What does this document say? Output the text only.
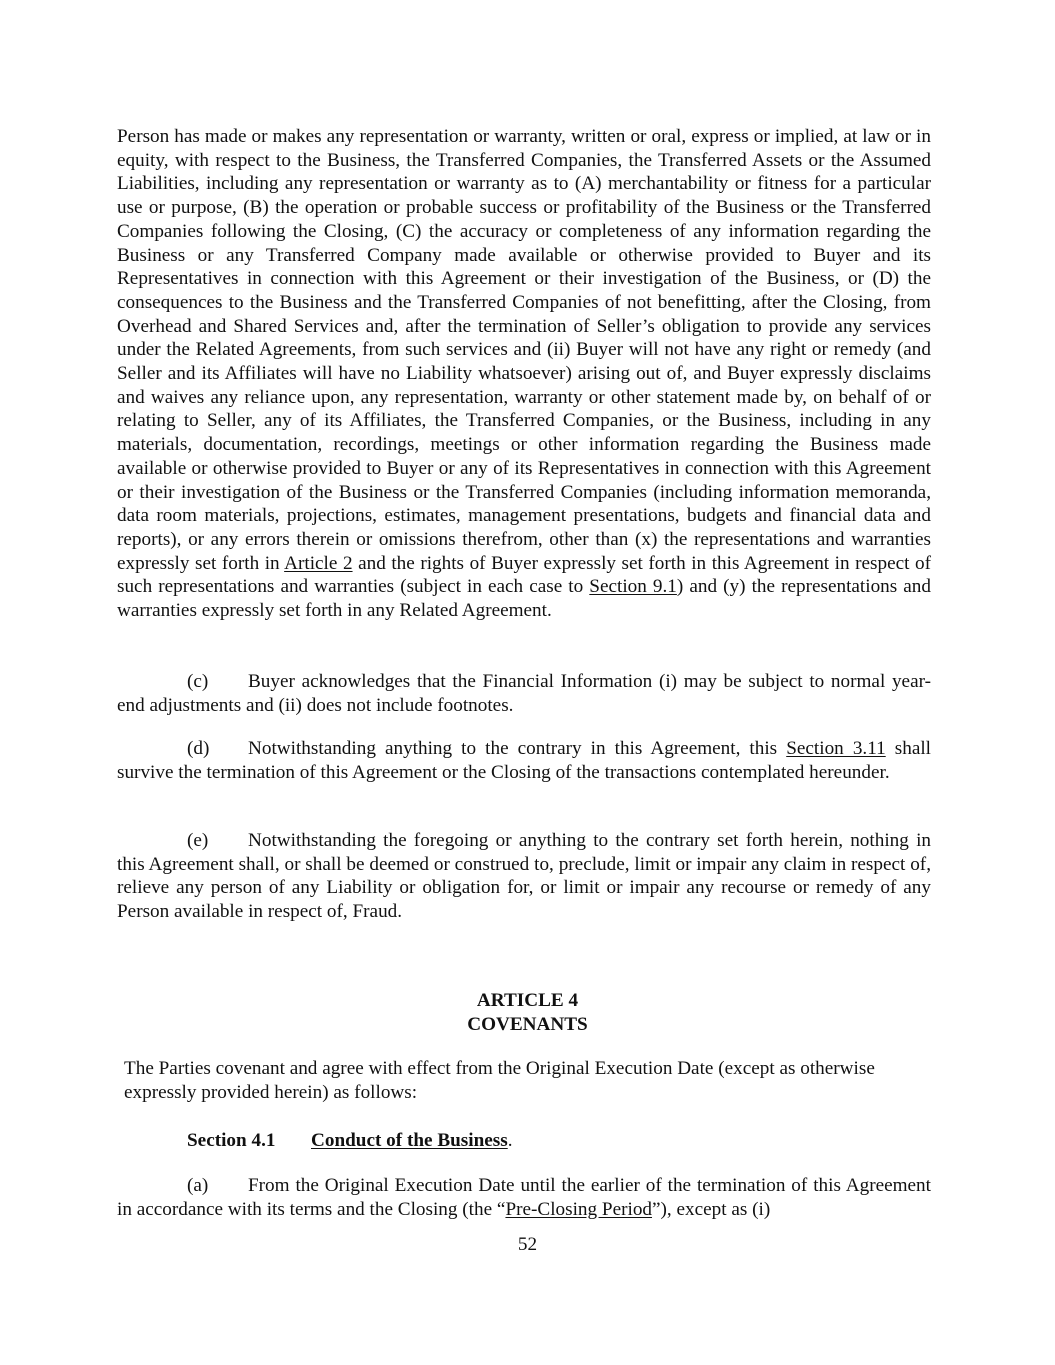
Person has made or makes any representation or warranty, written or oral, express or implied, at law or in equity, with respect to the Business, the Transferred Companies, the Transferred Assets or the Assumed Liabilities, including any representation or warranty as to (A) merchantability or fitness for a particular use or purpose, (B) the operation or probable success or profitability of the Business or the Transferred Companies following the Closing, (C) the accuracy or completeness of any information regarding the Business or any Transferred Company made available or otherwise provided to Buyer and its Representatives in connection with this Agreement or their investigation of the Business, or (D) the consequences to the Business and the Transferred Companies of not benefitting, after the Closing, from Overhead and Shared Services and, after the termination of Seller’s obligation to provide any services under the Related Agreements, from such services and (ii) Buyer will not have any right or remedy (and Seller and its Affiliates will have no Liability whatsoever) arising out of, and Buyer expressly disclaims and waives any reliance upon, any representation, warranty or other statement made by, on behalf of or relating to Seller, any of its Affiliates, the Transferred Companies, or the Business, including in any materials, documentation, recordings, meetings or other information regarding the Business made available or otherwise provided to Buyer or any of its Representatives in connection with this Agreement or their investigation of the Business or the Transferred Companies (including information memoranda, data room materials, projections, estimates, management presentations, budgets and financial data and reports), or any errors therein or omissions therefrom, other than (x) the representations and warranties expressly set forth in Article 2 and the rights of Buyer expressly set forth in this Agreement in respect of such representations and warranties (subject in each case to Section 9.1) and (y) the representations and warranties expressly set forth in any Related Agreement.

(c) Buyer acknowledges that the Financial Information (i) may be subject to normal year-end adjustments and (ii) does not include footnotes.

(d) Notwithstanding anything to the contrary in this Agreement, this Section 3.11 shall survive the termination of this Agreement or the Closing of the transactions contemplated hereunder.

(e) Notwithstanding the foregoing or anything to the contrary set forth herein, nothing in this Agreement shall, or shall be deemed or construed to, preclude, limit or impair any claim in respect of, relieve any person of any Liability or obligation for, or limit or impair any recourse or remedy of any Person available in respect of, Fraud.

ARTICLE 4

COVENANTS

The Parties covenant and agree with effect from the Original Execution Date (except as otherwise expressly provided herein) as follows:

Section 4.1 Conduct of the Business.

(a) From the Original Execution Date until the earlier of the termination of this Agreement in accordance with its terms and the Closing (the “Pre-Closing Period”), except as (i)

52
